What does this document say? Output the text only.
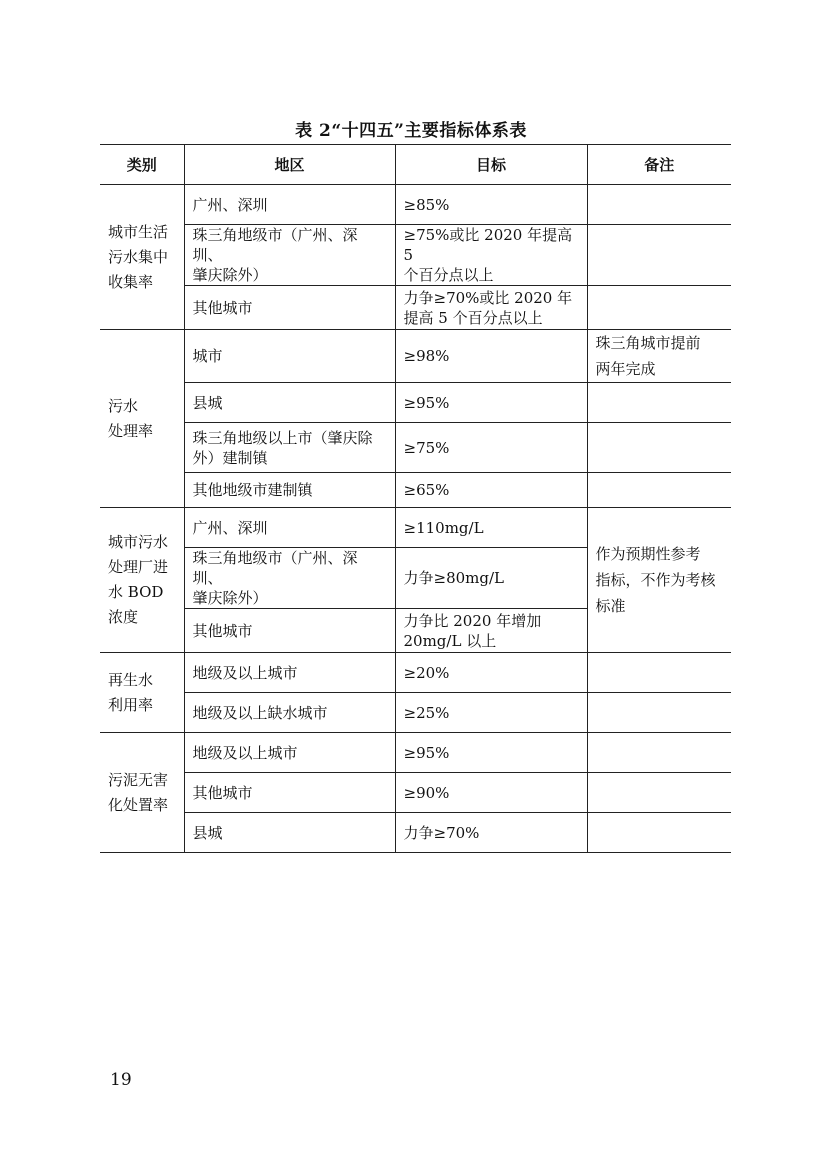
表 2“十四五”主要指标体系表
类别	地区	目标	备注
城市生活
污水集中
收集率	广州、深圳	≥85%	
	珠三角地级市（广州、深圳、
肇庆除外）	≥75%或比 2020 年提高 5
个百分点以上	
	其他城市	力争≥70%或比 2020 年
提高 5 个百分点以上	
污水
处理率	城市	≥98%	珠三角城市提前
两年完成
	县城	≥95%	
	珠三角地级以上市（肇庆除
外）建制镇	≥75%	
	其他地级市建制镇	≥65%	
城市污水
处理厂进
水 BOD
浓度	广州、深圳	≥110mg/L	作为预期性参考
指标，不作为考核
标准
	珠三角地级市（广州、深圳、
肇庆除外）	力争≥80mg/L	
	其他城市	力争比 2020 年增加
20mg/L 以上	
再生水
利用率	地级及以上城市	≥20%	
	地级及以上缺水城市	≥25%	
污泥无害
化处置率	地级及以上城市	≥95%	
	其他城市	≥90%	
	县城	力争≥70%	
19
